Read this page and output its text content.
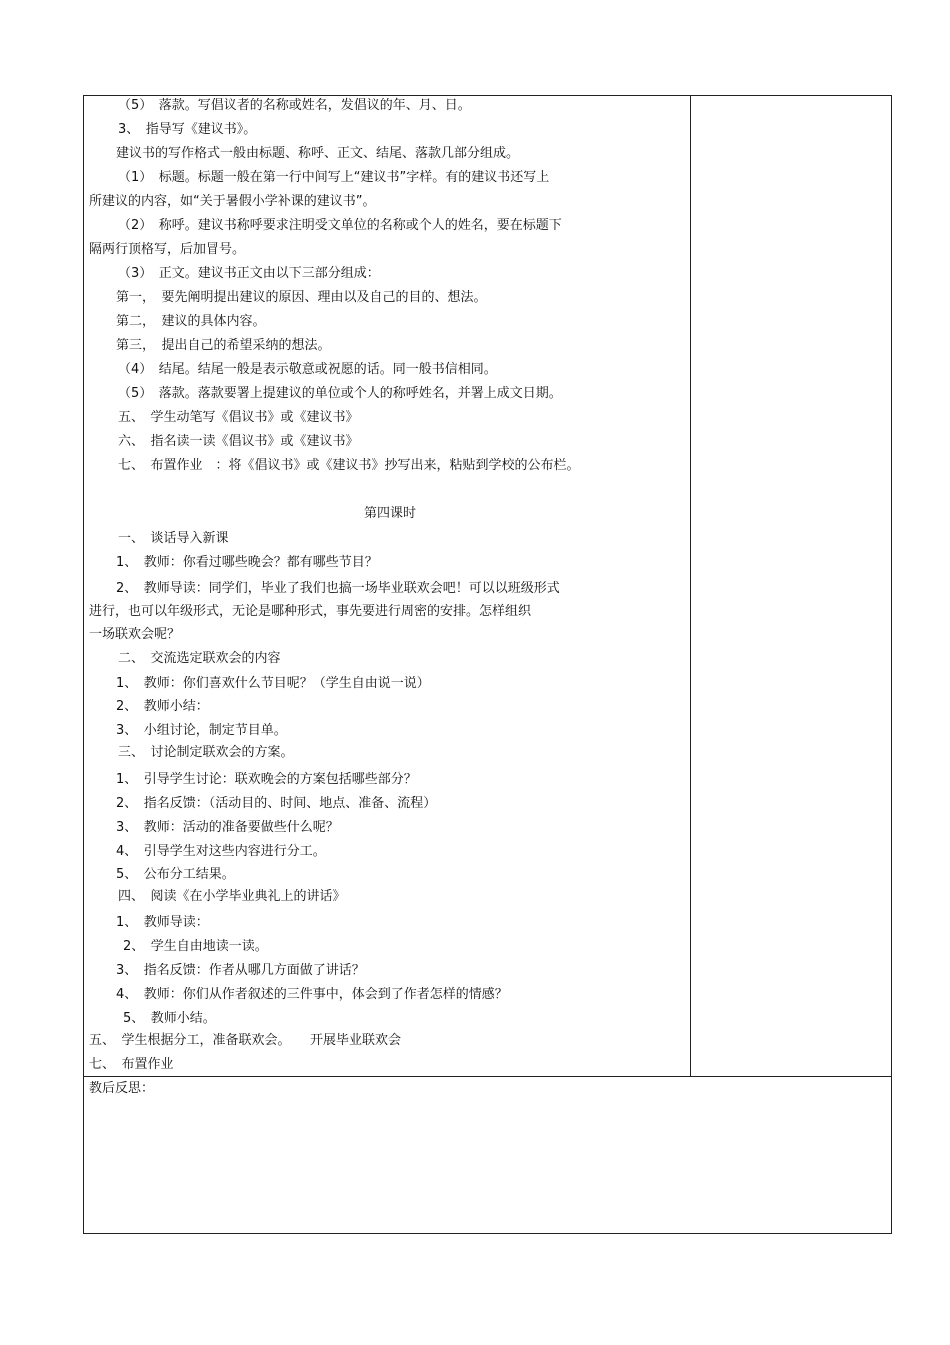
（5）　落款。写倡议者的名称或姓名，发倡议的年、月、日。
3、　指导写《建议书》。
建议书的写作格式一般由标题、称呼、正文、结尾、落款几部分组成。
（1）　标题。标题一般在第一行中间写上“建议书”字样。有的建议书还写上
所建议的内容，如“关于暑假小学补课的建议书”。
（2）　称呼。建议书称呼要求注明受文单位的名称或个人的姓名，要在标题下
隔两行顶格写，后加冒号。
（3）　正文。建议书正文由以下三部分组成：
第一，　要先阐明提出建议的原因、理由以及自己的目的、想法。
第二，　建议的具体内容。
第三，　提出自己的希望采纳的想法。
（4）　结尾。结尾一般是表示敬意或祝愿的话。同一般书信相同。
（5）　落款。落款要署上提建议的单位或个人的称呼姓名，并署上成文日期。
五、　学生动笔写《倡议书》或《建议书》
六、　指名读一读《倡议书》或《建议书》
七、　布置作业　：将《倡议书》或《建议书》抄写出来，粘贴到学校的公布栏。
第四课时
一、　谈话导入新课
1、　教师：你看过哪些晚会？都有哪些节目？
2、　教师导读：同学们，毕业了我们也搞一场毕业联欢会吧！可以以班级形式
进行，也可以年级形式，无论是哪种形式，事先要进行周密的安排。怎样组织
一场联欢会呢？
二、　交流选定联欢会的内容
1、　教师：你们喜欢什么节目呢？（学生自由说一说）
2、　教师小结：
3、　小组讨论，制定节目单。
三、　讨论制定联欢会的方案。
1、　引导学生讨论：联欢晚会的方案包括哪些部分？
2、　指名反馈：（活动目的、时间、地点、准备、流程）
3、　教师：活动的准备要做些什么呢？
4、　引导学生对这些内容进行分工。
5、　公布分工结果。
四、　阅读《在小学毕业典礼上的讲话》
1、　教师导读：
2、　学生自由地读一读。
3、　指名反馈：作者从哪几方面做了讲话？
4、　教师：你们从作者叙述的三件事中，体会到了作者怎样的情感？
5、　教师小结。
五、　学生根据分工，准备联欢会。　　开展毕业联欢会
七、　布置作业
教后反思：
